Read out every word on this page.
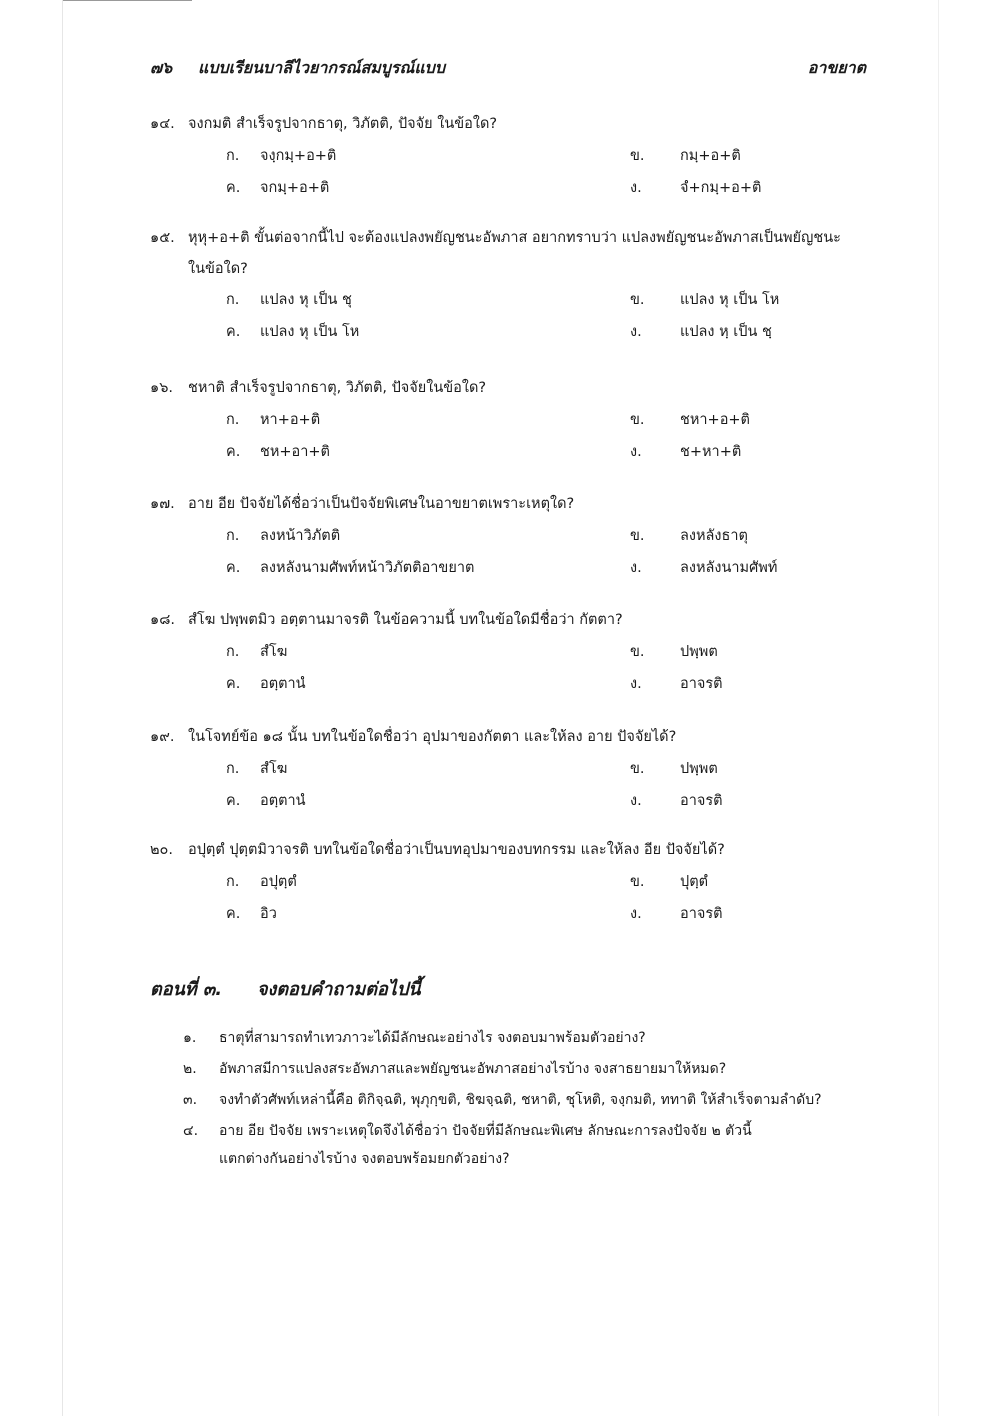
๗๖ แบบเรียนบาลีไวยากรณ์สมบูรณ์แบบ	อาขยาต
๑๔. จงกมติ สำเร็จรูปจากธาตุ, วิภัตติ, ปัจจัย ในข้อใด?
ก. จงฺกมฺ+อ+ติ	ข. กมฺ+อ+ติ
ค. จกมฺ+อ+ติ	ง.	จํ+กมฺ+อ+ติ
๑๕. หุหุ+อ+ติ ขั้นต่อจากนี้ไป จะต้องแปลงพยัญชนะอัพภาส อยากทราบว่า แปลงพยัญชนะอัพภาสเป็นพยัญชนะ
ในข้อใด?
ก. แปลง หุ เป็น ชุ	ข. แปลง หุ เป็น โห
ค. แปลง หุ เป็น โห	ง.	แปลง หฺ เป็น ชฺ
๑๖. ชหาติ สำเร็จรูปจากธาตุ, วิภัตติ, ปัจจัยในข้อใด?
ก. หา+อ+ติ	ข. ชหา+อ+ติ
ค. ชห+อา+ติ	ง.	ช+หา+ติ
๑๗. อาย อีย ปัจจัยได้ชื่อว่าเป็นปัจจัยพิเศษในอาขยาตเพราะเหตุใด?
ก. ลงหน้าวิภัตติ	ข. ลงหลังธาตุ
ค. ลงหลังนามศัพท์หน้าวิภัตติอาขยาต	ง.	ลงหลังนามศัพท์
๑๘. สํโฆ ปพฺพตมิว อตฺตานมาจรติ ในข้อความนี้ บทในข้อใดมีชื่อว่า กัตตา?
ก. สํโฆ	ข. ปพฺพต
ค. อตฺตานํ	ง.	อาจรติ
๑๙. ในโจทย์ข้อ ๑๘ นั้น บทในข้อใดชื่อว่า อุปมาของกัตตา และให้ลง อาย ปัจจัยได้?
ก. สํโฆ	ข. ปพฺพต
ค. อตฺตานํ	ง.	อาจรติ
๒๐. อปุตฺตํ ปุตฺตมิวาจรติ บทในข้อใดชื่อว่าเป็นบทอุปมาของบทกรรม และให้ลง อีย ปัจจัยได้?
ก. อปุตฺตํ	ข. ปุตฺตํ
ค. อิว	ง.	อาจรติ
ตอนที่ ๓. จงตอบคำถามต่อไปนี้
๑. ธาตุที่สามารถทำเทวภาวะได้มีลักษณะอย่างไร จงตอบมาพร้อมตัวอย่าง?
๒. อัพภาสมีการแปลงสระอัพภาสและพยัญชนะอัพภาสอย่างไรบ้าง จงสาธยายมาให้หมด?
๓. จงทำตัวศัพท์เหล่านี้คือ ติกิจฺฉติ, พุภุกฺขติ, ชิฆจฺฉติ, ชหาติ, ชุโหติ, จงฺกมติ, ททาติ ให้สำเร็จตามลำดับ?
๔. อาย อีย ปัจจัย เพราะเหตุใดจึงได้ชื่อว่า ปัจจัยที่มีลักษณะพิเศษ ลักษณะการลงปัจจัย ๒ ตัวนี้
แตกต่างกันอย่างไรบ้าง จงตอบพร้อมยกตัวอย่าง?
